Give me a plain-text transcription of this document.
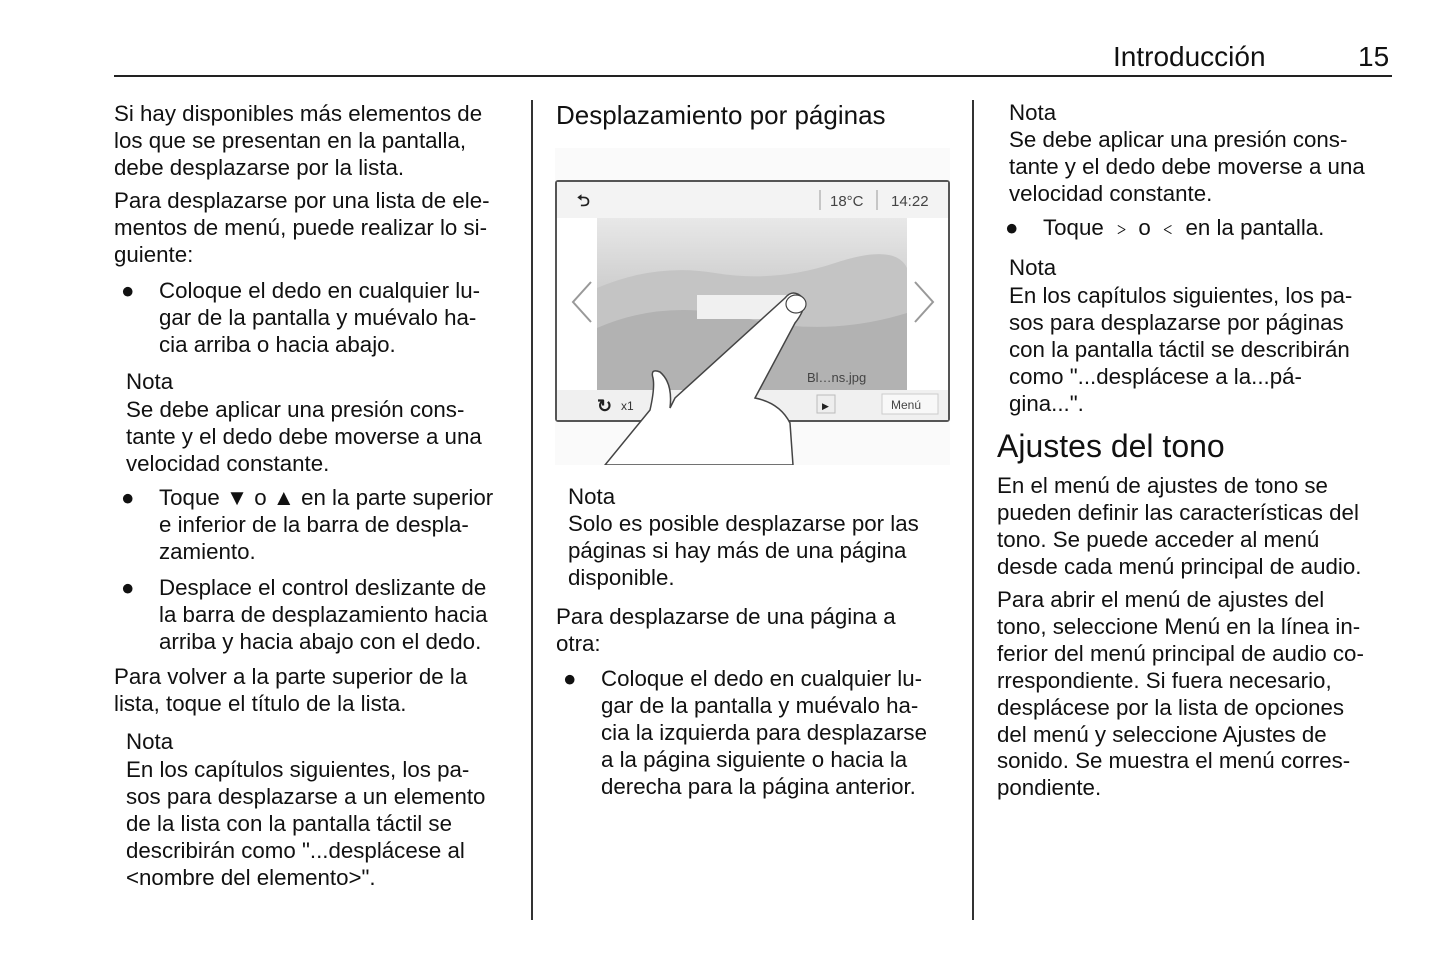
Introducción	15
Si hay disponibles más elementos de
los que se presentan en la pantalla,
debe desplazarse por la lista.
Para desplazarse por una lista de ele-
mentos de menú, puede realizar lo si-
guiente:
● Coloque el dedo en cualquier lu-
gar de la pantalla y muévalo ha-
cia arriba o hacia abajo.
Nota
Se debe aplicar una presión cons-
tante y el dedo debe moverse a una
velocidad constante.
● Toque ▼ o ▲ en la parte superior
e inferior de la barra de despla-
zamiento.
● Desplace el control deslizante de
la barra de desplazamiento hacia
arriba y hacia abajo con el dedo.
Para volver a la parte superior de la
lista, toque el título de la lista.
Nota
En los capítulos siguientes, los pa-
sos para desplazarse a un elemento
de la lista con la pantalla táctil se
describirán como "...desplácese al
<nombre del elemento>".
Desplazamiento por páginas
⮌	18°C 14:22
↻	▶	Menú
Bl…ns.jpg
x1
Nota
Solo es posible desplazarse por las
páginas si hay más de una página
disponible.
Para desplazarse de una página a
otra:
● Coloque el dedo en cualquier lu-
gar de la pantalla y muévalo ha-
cia la izquierda para desplazarse
a la página siguiente o hacia la
derecha para la página anterior.
Nota
Se debe aplicar una presión cons-
tante y el dedo debe moverse a una
velocidad constante.
● Toque ﹥ o ﹤ en la pantalla.
Nota
En los capítulos siguientes, los pa-
sos para desplazarse por páginas
con la pantalla táctil se describirán
como "...desplácese a la...pá-
gina...".
Ajustes del tono
En el menú de ajustes de tono se
pueden definir las características del
tono. Se puede acceder al menú
desde cada menú principal de audio.
Para abrir el menú de ajustes del
tono, seleccione Menú en la línea in-
ferior del menú principal de audio co-
rrespondiente. Si fuera necesario,
desplácese por la lista de opciones
del menú y seleccione Ajustes de
sonido. Se muestra el menú corres-
pondiente.
